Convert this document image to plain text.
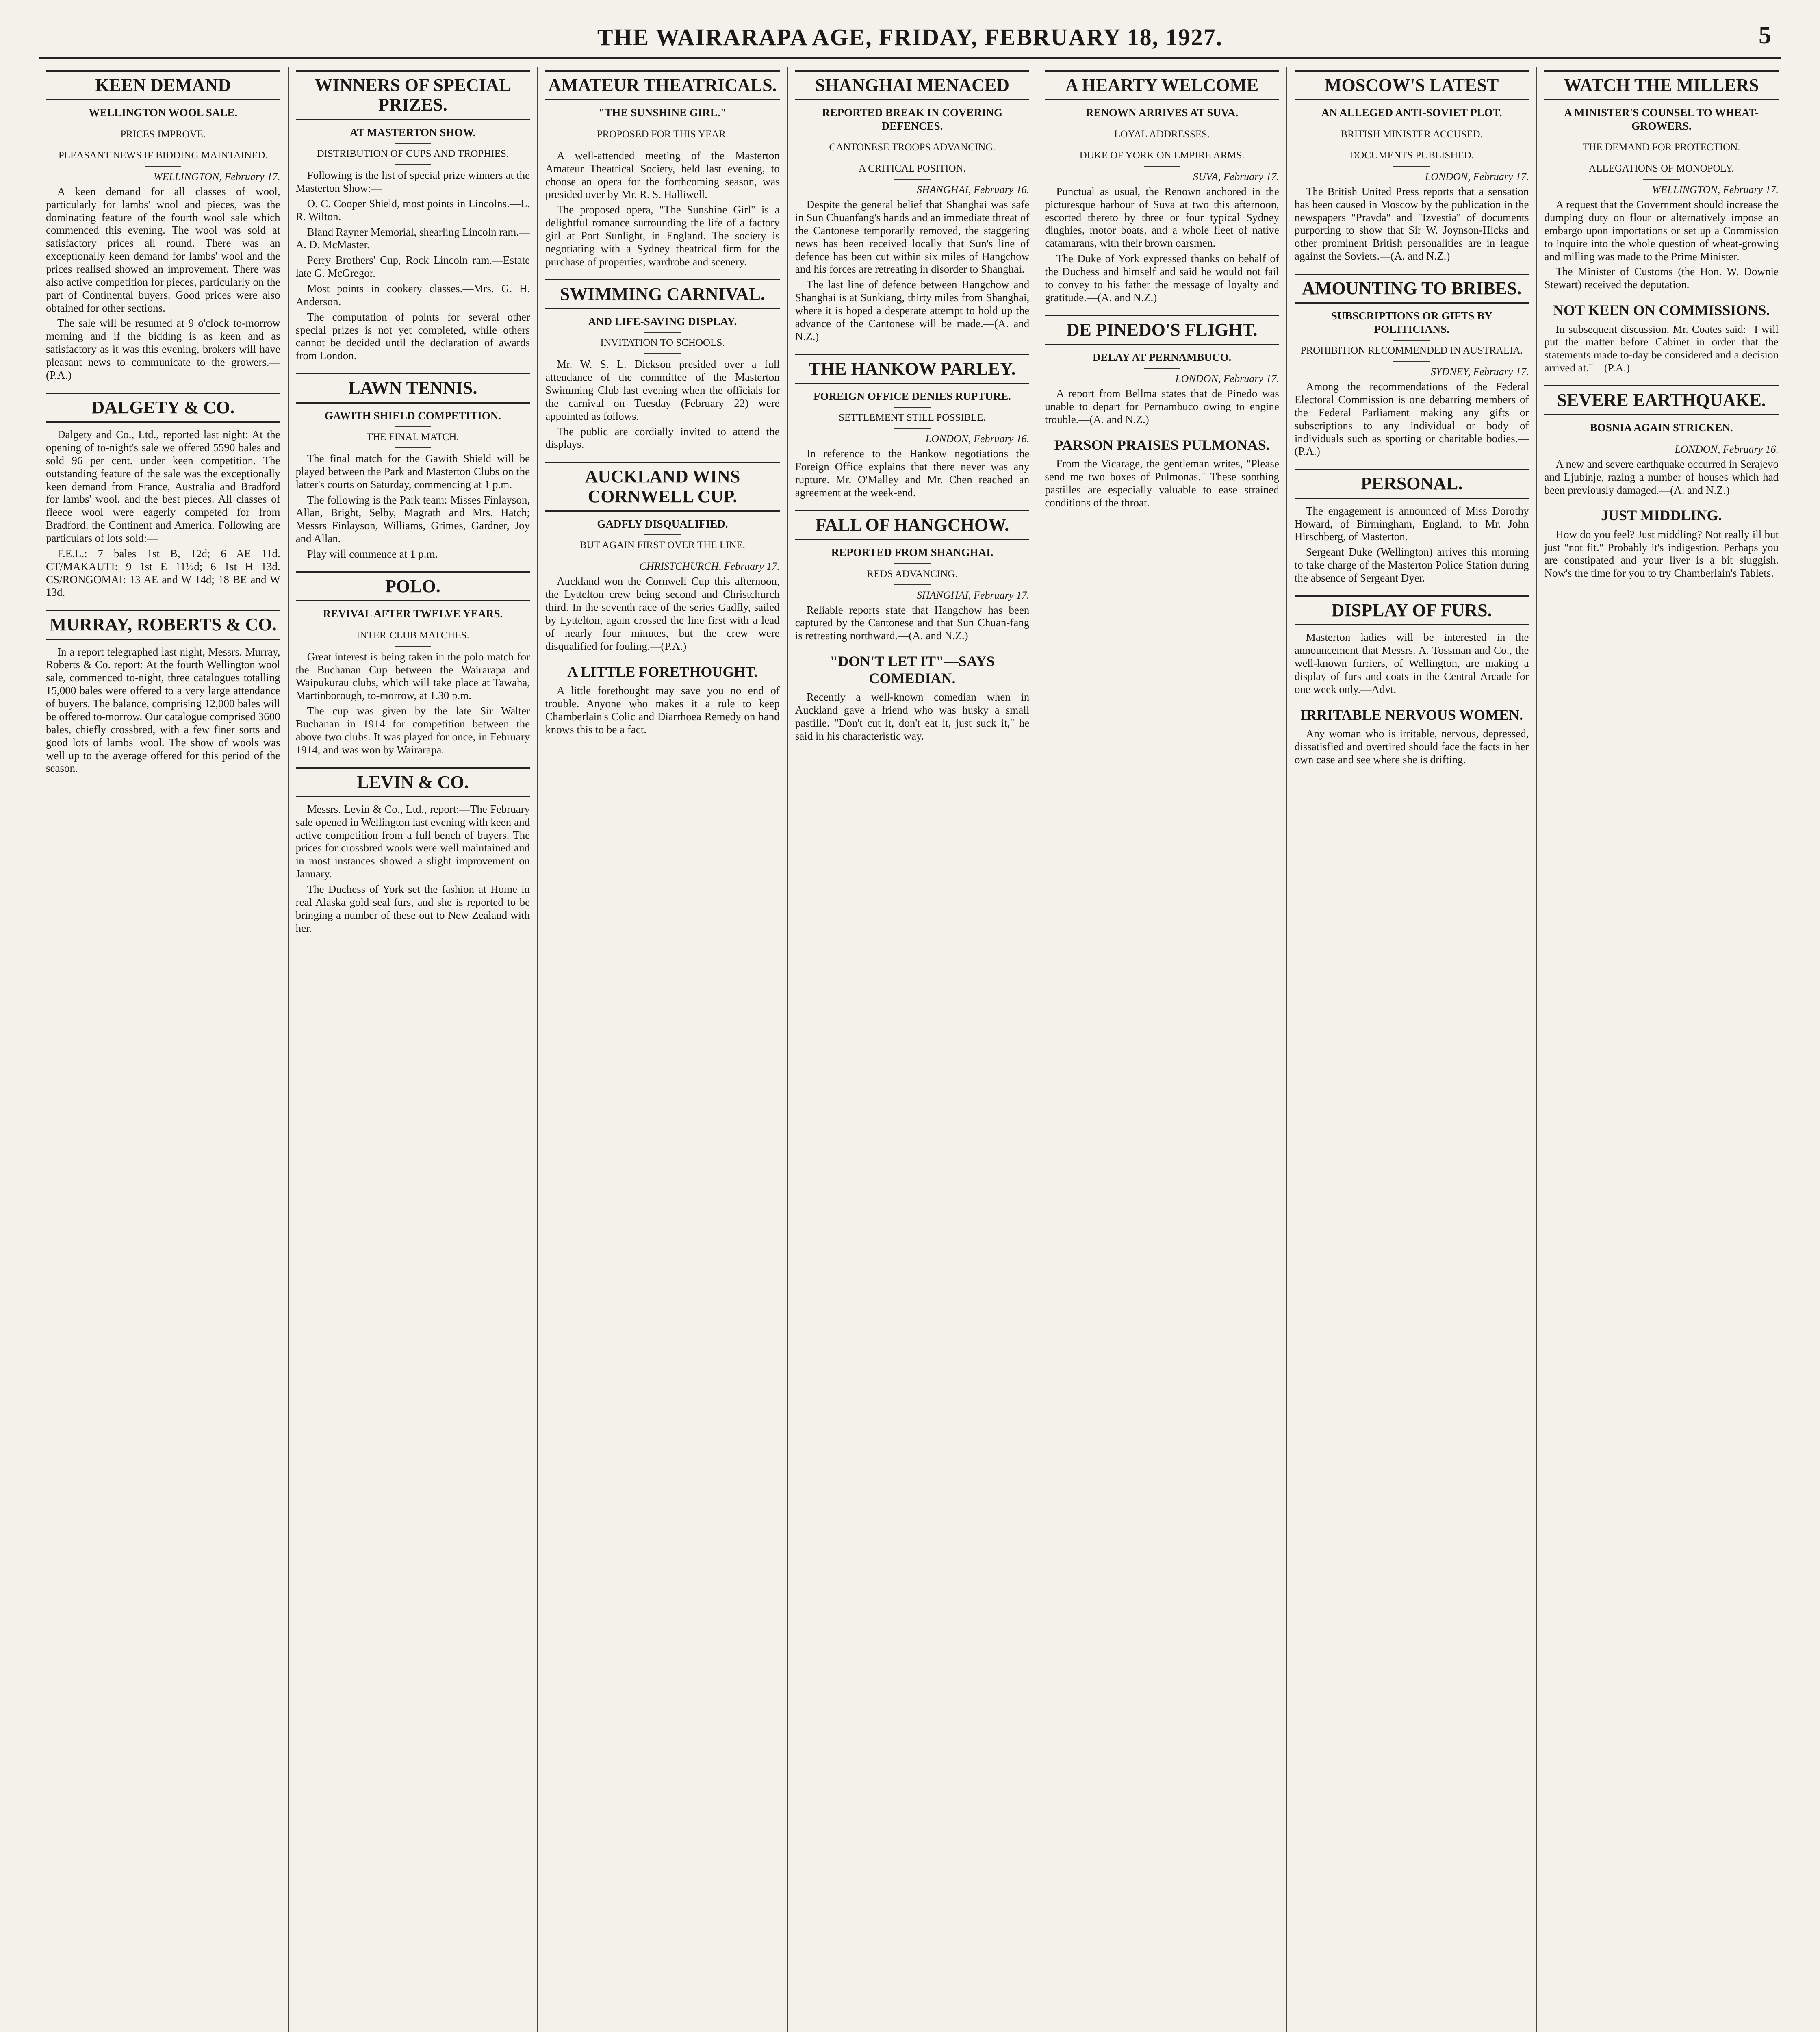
THE WAIRARAPA AGE, FRIDAY, FEBRUARY 18, 1927.	5
KEEN DEMAND
WELLINGTON WOOL SALE.
PRICES IMPROVE.
PLEASANT NEWS IF BIDDING MAINTAINED.
WELLINGTON, February 17.

A keen demand for all classes of wool, particularly for lambs' wool and pieces, was the dominating feature of the fourth wool sale which commenced this evening. The wool was sold at satisfactory prices all round. There was an exceptionally keen demand for lambs' wool and the prices realised showed an improvement. There was also active competition for pieces, particularly on the part of Continental buyers. Good prices were also obtained for other sections.

The sale will be resumed at 9 o'clock to-morrow morning and if the bidding is as keen and as satisfactory as it was this evening, brokers will have pleasant news to communicate to the growers.—(P.A.)

DALGETY & CO.

Dalgety and Co., Ltd., reported last night: At the opening of to-night's sale we offered 5590 bales and sold 96 per cent. under keen competition. The outstanding feature of the sale was the exceptionally keen demand from France, Australia and Bradford for lambs' wool, and the best pieces. All classes of fleece wool were eagerly competed for from Bradford, the Continent and America. Following are particulars of lots sold:—

F.E.L.: 7 bales 1st B, 12d; 6 AE 11d. CT/MAKAUTI: 9 1st E 11½d; 6 1st H 13d. CS/RONGOMAI: 13 AE and W 14d; 18 BE and W 13d.

MURRAY, ROBERTS & CO.

In a report telegraphed last night, Messrs. Murray, Roberts & Co. report: At the fourth Wellington wool sale, commenced to-night, three catalogues totalling 15,000 bales were offered to a very large attendance of buyers. The balance, comprising 12,000 bales will be offered to-morrow. Our catalogue comprised 3600 bales, chiefly crossbred, with a few finer sorts and good lots of lambs' wool. The show of wools was well up to the average offered for this period of the season.

WINNERS OF SPECIAL PRIZES.
AT MASTERTON SHOW.
DISTRIBUTION OF CUPS AND TROPHIES.

Following is the list of special prize winners at the Masterton Show:—

O. C. Cooper Shield, most points in Lincolns.—L. R. Wilton.

Bland Rayner Memorial, shearling Lincoln ram.—A. D. McMaster.

Perry Brothers' Cup, Rock Lincoln ram.—Estate late G. McGregor.

Most points in cookery classes.—Mrs. G. H. Anderson.

The computation of points for several other special prizes is not yet completed, while others cannot be decided until the declaration of awards from London.

LAWN TENNIS.
GAWITH SHIELD COMPETITION.
THE FINAL MATCH.

The final match for the Gawith Shield will be played between the Park and Masterton Clubs on the latter's courts on Saturday, commencing at 1 p.m.

The following is the Park team: Misses Finlayson, Allan, Bright, Selby, Magrath and Mrs. Hatch; Messrs Finlayson, Williams, Grimes, Gardner, Joy and Allan.

Play will commence at 1 p.m.

POLO.
REVIVAL AFTER TWELVE YEARS.
INTER-CLUB MATCHES.

Great interest is being taken in the polo match for the Buchanan Cup between the Wairarapa and Waipukurau clubs, which will take place at Tawaha, Martinborough, to-morrow, at 1.30 p.m.

The cup was given by the late Sir Walter Buchanan in 1914 for competition between the above two clubs. It was played for once, in February 1914, and was won by Wairarapa.

LEVIN & CO.

Messrs. Levin & Co., Ltd., report:—The February sale opened in Wellington last evening with keen and active competition from a full bench of buyers. The prices for crossbred wools were well maintained and in most instances showed a slight improvement on January.

The Duchess of York set the fashion at Home in real Alaska gold seal furs, and she is reported to be bringing a number of these out to New Zealand with her.

AMATEUR THEATRICALS.
"THE SUNSHINE GIRL."
PROPOSED FOR THIS YEAR.

A well-attended meeting of the Masterton Amateur Theatrical Society, held last evening, to choose an opera for the forthcoming season, was presided over by Mr. R. S. Halliwell.

The proposed opera, "The Sunshine Girl" is a delightful romance surrounding the life of a factory girl at Port Sunlight, in England. The society is negotiating with a Sydney theatrical firm for the purchase of properties, wardrobe and scenery.

SWIMMING CARNIVAL.
AND LIFE-SAVING DISPLAY.
INVITATION TO SCHOOLS.

Mr. W. S. L. Dickson presided over a full attendance of the committee of the Masterton Swimming Club last evening when the officials for the carnival on Tuesday (February 22) were appointed as follows.

The public are cordially invited to attend the displays.

AUCKLAND WINS CORNWELL CUP.
GADFLY DISQUALIFIED.
BUT AGAIN FIRST OVER THE LINE.
CHRISTCHURCH, February 17.

Auckland won the Cornwell Cup this afternoon, the Lyttelton crew being second and Christchurch third. In the seventh race of the series Gadfly, sailed by Lyttelton, again crossed the line first with a lead of nearly four minutes, but the crew were disqualified for fouling.—(P.A.)

A LITTLE FORETHOUGHT.

A little forethought may save you no end of trouble. Anyone who makes it a rule to keep Chamberlain's Colic and Diarrhoea Remedy on hand knows this to be a fact.

SHANGHAI MENACED
REPORTED BREAK IN COVERING DEFENCES.
CANTONESE TROOPS ADVANCING.
A CRITICAL POSITION.
SHANGHAI, February 16.

Despite the general belief that Shanghai was safe in Sun Chuanfang's hands and an immediate threat of the Cantonese temporarily removed, the staggering news has been received locally that Sun's line of defence has been cut within six miles of Hangchow and his forces are retreating in disorder to Shanghai.

The last line of defence between Hangchow and Shanghai is at Sunkiang, thirty miles from Shanghai, where it is hoped a desperate attempt to hold up the advance of the Cantonese will be made.—(A. and N.Z.)

THE HANKOW PARLEY.
FOREIGN OFFICE DENIES RUPTURE.
SETTLEMENT STILL POSSIBLE.
LONDON, February 16.

In reference to the Hankow negotiations the Foreign Office explains that there never was any rupture. Mr. O'Malley and Mr. Chen reached an agreement at the week-end.

FALL OF HANGCHOW.
REPORTED FROM SHANGHAI.
REDS ADVANCING.
SHANGHAI, February 17.

Reliable reports state that Hangchow has been captured by the Cantonese and that Sun Chuan-fang is retreating northward.—(A. and N.Z.)

"DON'T LET IT"—SAYS COMEDIAN.

Recently a well-known comedian when in Auckland gave a friend who was husky a small pastille. "Don't cut it, don't eat it, just suck it," he said in his characteristic way.

A HEARTY WELCOME
RENOWN ARRIVES AT SUVA.
LOYAL ADDRESSES.
DUKE OF YORK ON EMPIRE ARMS.
SUVA, February 17.

Punctual as usual, the Renown anchored in the picturesque harbour of Suva at two this afternoon, escorted thereto by three or four typical Sydney dinghies, motor boats, and a whole fleet of native catamarans, with their brown oarsmen.

The Duke of York expressed thanks on behalf of the Duchess and himself and said he would not fail to convey to his father the message of loyalty and gratitude.—(A. and N.Z.)

DE PINEDO'S FLIGHT.
DELAY AT PERNAMBUCO.
LONDON, February 17.

A report from Bellma states that de Pinedo was unable to depart for Pernambuco owing to engine trouble.—(A. and N.Z.)

PARSON PRAISES PULMONAS.

From the Vicarage, the gentleman writes, "Please send me two boxes of Pulmonas." These soothing pastilles are especially valuable to ease strained conditions of the throat.

MOSCOW'S LATEST
AN ALLEGED ANTI-SOVIET PLOT.
BRITISH MINISTER ACCUSED.
DOCUMENTS PUBLISHED.
LONDON, February 17.

The British United Press reports that a sensation has been caused in Moscow by the publication in the newspapers "Pravda" and "Izvestia" of documents purporting to show that Sir W. Joynson-Hicks and other prominent British personalities are in league against the Soviets.—(A. and N.Z.)

AMOUNTING TO BRIBES.
SUBSCRIPTIONS OR GIFTS BY POLITICIANS.
PROHIBITION RECOMMENDED IN AUSTRALIA.
SYDNEY, February 17.

Among the recommendations of the Federal Electoral Commission is one debarring members of the Federal Parliament making any gifts or subscriptions to any individual or body of individuals such as sporting or charitable bodies.—(P.A.)

PERSONAL.

The engagement is announced of Miss Dorothy Howard, of Birmingham, England, to Mr. John Hirschberg, of Masterton.

Sergeant Duke (Wellington) arrives this morning to take charge of the Masterton Police Station during the absence of Sergeant Dyer.

DISPLAY OF FURS.

Masterton ladies will be interested in the announcement that Messrs. A. Tossman and Co., the well-known furriers, of Wellington, are making a display of furs and coats in the Central Arcade for one week only.—Advt.

IRRITABLE NERVOUS WOMEN.

Any woman who is irritable, nervous, depressed, dissatisfied and overtired should face the facts in her own case and see where she is drifting.

WATCH THE MILLERS
A MINISTER'S COUNSEL TO WHEAT-GROWERS.
THE DEMAND FOR PROTECTION.
ALLEGATIONS OF MONOPOLY.
WELLINGTON, February 17.

A request that the Government should increase the dumping duty on flour or alternatively impose an embargo upon importations or set up a Commission to inquire into the whole question of wheat-growing and milling was made to the Prime Minister.

The Minister of Customs (the Hon. W. Downie Stewart) received the deputation.

NOT KEEN ON COMMISSIONS.

In subsequent discussion, Mr. Coates said: "I will put the matter before Cabinet in order that the statements made to-day be considered and a decision arrived at."—(P.A.)

SEVERE EARTHQUAKE.
BOSNIA AGAIN STRICKEN.
LONDON, February 16.

A new and severe earthquake occurred in Serajevo and Ljubinje, razing a number of houses which had been previously damaged.—(A. and N.Z.)

JUST MIDDLING.

How do you feel? Just middling? Not really ill but just "not fit." Probably it's indigestion. Perhaps you are constipated and your liver is a bit sluggish. Now's the time for you to try Chamberlain's Tablets.
